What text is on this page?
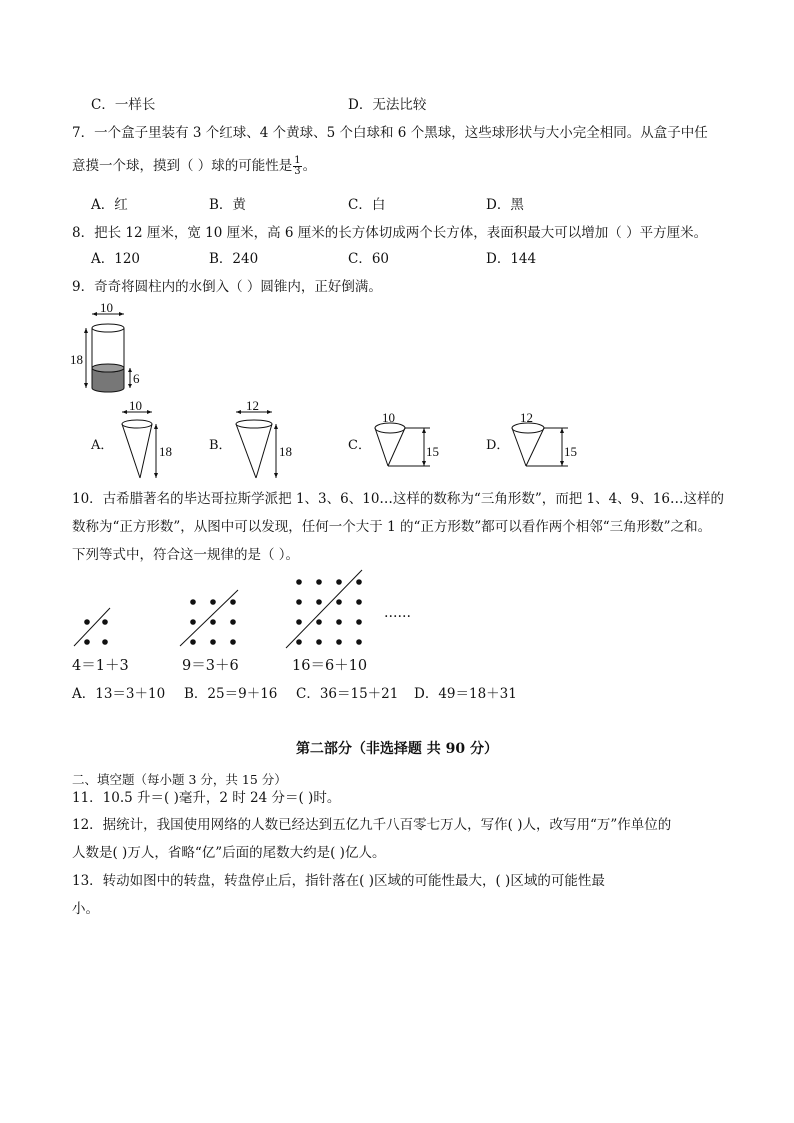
C．一样长	D．无法比较
7．一个盒子里装有 3 个红球、4 个黄球、5 个白球和 6 个黑球，这些球形状与大小完全相同。从盒子中任
意摸一个球，摸到（ ）球的可能性是 $\frac{1}{3}$ 。
A．红	B．黄	C．白	D．黑
8．把长 12 厘米，宽 10 厘米，高 6 厘米的长方体切成两个长方体，表面积最大可以增加（ ）平方厘米。
A．120	B．240	C．60	D．144
9．奇奇将圆柱内的水倒入（ ）圆锥内，正好倒满。
10
18
6
A．
10
18	B．
12
18	C．
10
15	D．
12
15
10．古希腊著名的毕达哥拉斯学派把 1、3、6、10…这样的数称为“三角形数”，而把 1、4、9、16…这样的
数称为“正方形数”，从图中可以发现，任何一个大于 1 的“正方形数”都可以看作两个相邻“三角形数”之和。
下列等式中，符合这一规律的是（ ）。
……
4＝1＋3	9＝3＋6	16＝6＋10
A．13＝3＋10 B．25＝9＋16 C．36＝15＋21 D．49＝18＋31
第二部分（非选择题 共 90 分）
二、填空题（每小题 3 分，共 15 分）
11．10.5 升＝( )毫升，2 时 24 分＝( )时。
12．据统计，我国使用网络的人数已经达到五亿九千八百零七万人，写作( )人，改写用“万”作单位的
人数是( )万人，省略“亿”后面的尾数大约是( )亿人。
13．转动如图中的转盘，转盘停止后，指针落在( )区域的可能性最大，( )区域的可能性最
小。
